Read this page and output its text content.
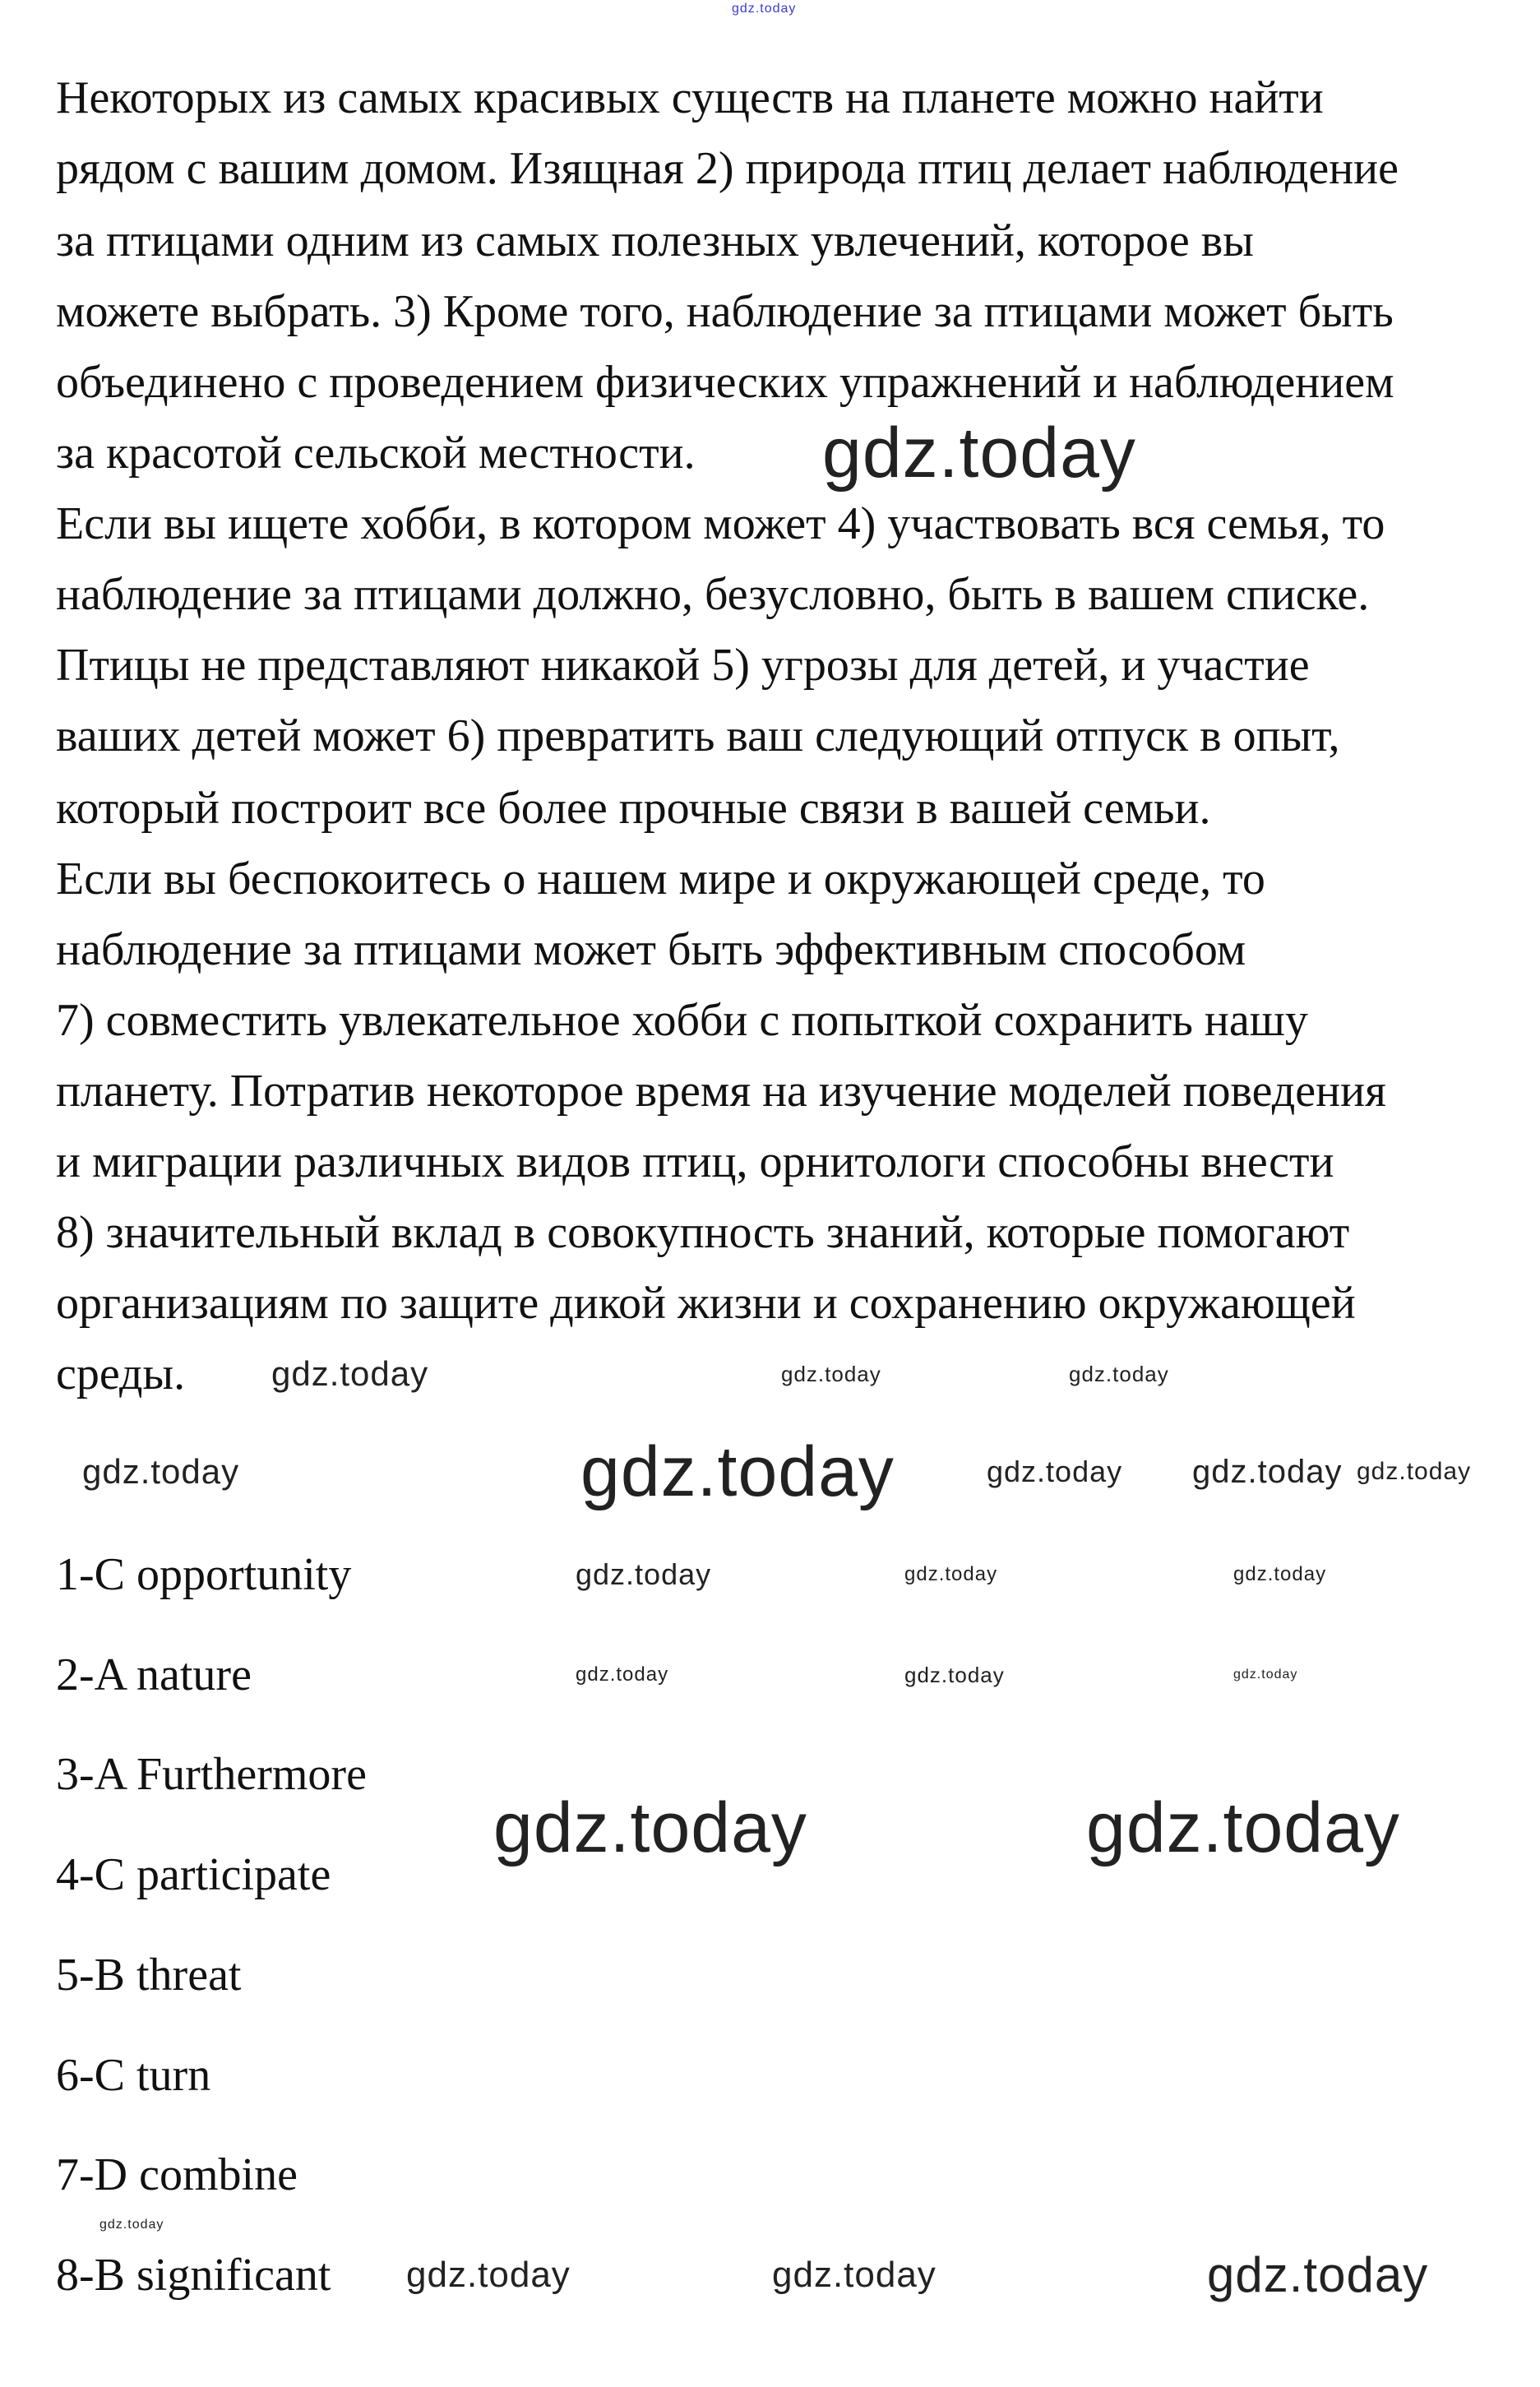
Некоторых из самых красивых существ на планете можно найти
рядом с вашим домом. Изящная 2) природа птиц делает наблюдение
за птицами одним из самых полезных увлечений, которое вы
можете выбрать. 3) Кроме того, наблюдение за птицами может быть
объединено с проведением физических упражнений и наблюдением
за красотой сельской местности.
Если вы ищете хобби, в котором может 4) участвовать вся семья, то
наблюдение за птицами должно, безусловно, быть в вашем списке.
Птицы не представляют никакой 5) угрозы для детей, и участие
ваших детей может 6) превратить ваш следующий отпуск в опыт,
который построит все более прочные связи в вашей семьи.
Если вы беспокоитесь о нашем мире и окружающей среде, то
наблюдение за птицами может быть эффективным способом
7) совместить увлекательное хобби с попыткой сохранить нашу
планету. Потратив некоторое время на изучение моделей поведения
и миграции различных видов птиц, орнитологи способны внести
8) значительный вклад в совокупность знаний, которые помогают
организациям по защите дикой жизни и сохранению окружающей
среды.
1-C opportunity
2-A nature
3-A Furthermore
4-C participate
5-B threat
6-C turn
7-D combine
8-B significant
gdz.today
gdz.today	gdz.today
gdz.today
gdz.today
gdz.today	gdz.today gdz.today gdz.today
gdz.today	gdz.today	gdz.today
gdz.today	gdz.today
gdz.today
gdz.today
gdz.today	gdz.today
gdz.today
gdz.today	gdz.today	gdz.today
